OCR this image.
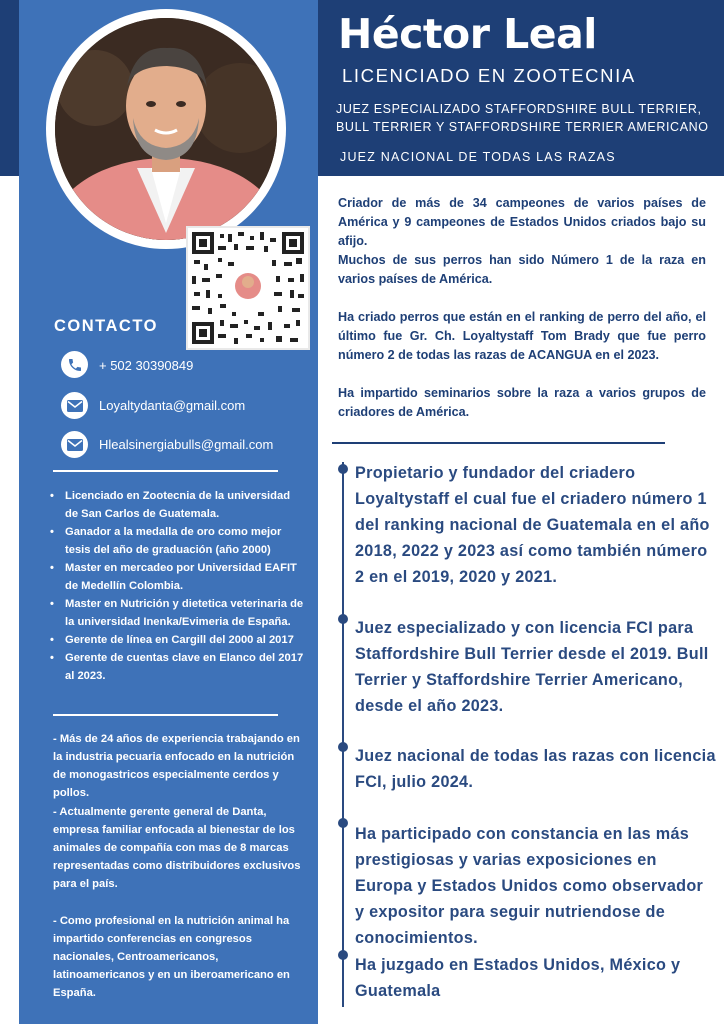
Héctor Leal
LICENCIADO EN ZOOTECNIA
JUEZ ESPECIALIZADO STAFFORDSHIRE BULL TERRIER,
BULL TERRIER Y STAFFORDSHIRE TERRIER AMERICANO
JUEZ NACIONAL DE TODAS LAS RAZAS

Criador de más de 34 campeones de varios países de América y 9 campeones de Estados Unidos criados bajo su afijo.

Muchos de sus perros han sido Número 1 de la raza en varios países de América.

Ha criado perros que están en el ranking de perro del año, el último fue Gr. Ch. Loyaltystaff Tom Brady que fue perro número 2 de todas las razas de ACANGUA en el 2023.

Ha impartido seminarios sobre la raza a varios grupos de criadores de América.

Propietario y fundador del criadero Loyaltystaff el cual fue el criadero número 1 del ranking nacional de Guatemala en el año 2018, 2022 y 2023 así como también número 2 en el 2019, 2020 y 2021.
Juez especializado y con licencia FCI para Staffordshire Bull Terrier desde el 2019. Bull Terrier y Staffordshire Terrier Americano, desde el año 2023.
Juez nacional de todas las razas con licencia FCI, julio 2024.
Ha participado con constancia en las más prestigiosas y varias exposiciones en Europa y Estados Unidos como observador y expositor para seguir nutriendose de conocimientos.
Ha juzgado en Estados Unidos, México y Guatemala
CONTACTO
+ 502 30390849
Loyaltydanta@gmail.com
Hlealsinergiabulls@gmail.com
• Licenciado en Zootecnia de la universidad de San Carlos de Guatemala.
• Ganador a la medalla de oro como mejor tesis del año de graduación (año 2000)
• Master en mercadeo por Universidad EAFIT de Medellín Colombia.
• Master en Nutrición y dietetica veterinaria de la universidad Inenka/Evimeria de España.
• Gerente de línea en Cargill del 2000 al 2017
• Gerente de cuentas clave en Elanco del 2017 al 2023.
- Más de 24 años de experiencia trabajando en la industria pecuaria enfocado en la nutrición de monogastricos especialmente cerdos y pollos.
- Actualmente gerente general de Danta, empresa familiar enfocada al bienestar de los animales de compañía con mas de 8 marcas representadas como distribuidores exclusivos para el país.
- Como profesional en la nutrición animal ha impartido conferencias en congresos nacionales, Centroamericanos, latinoamericanos y en un iberoamericano en España.
